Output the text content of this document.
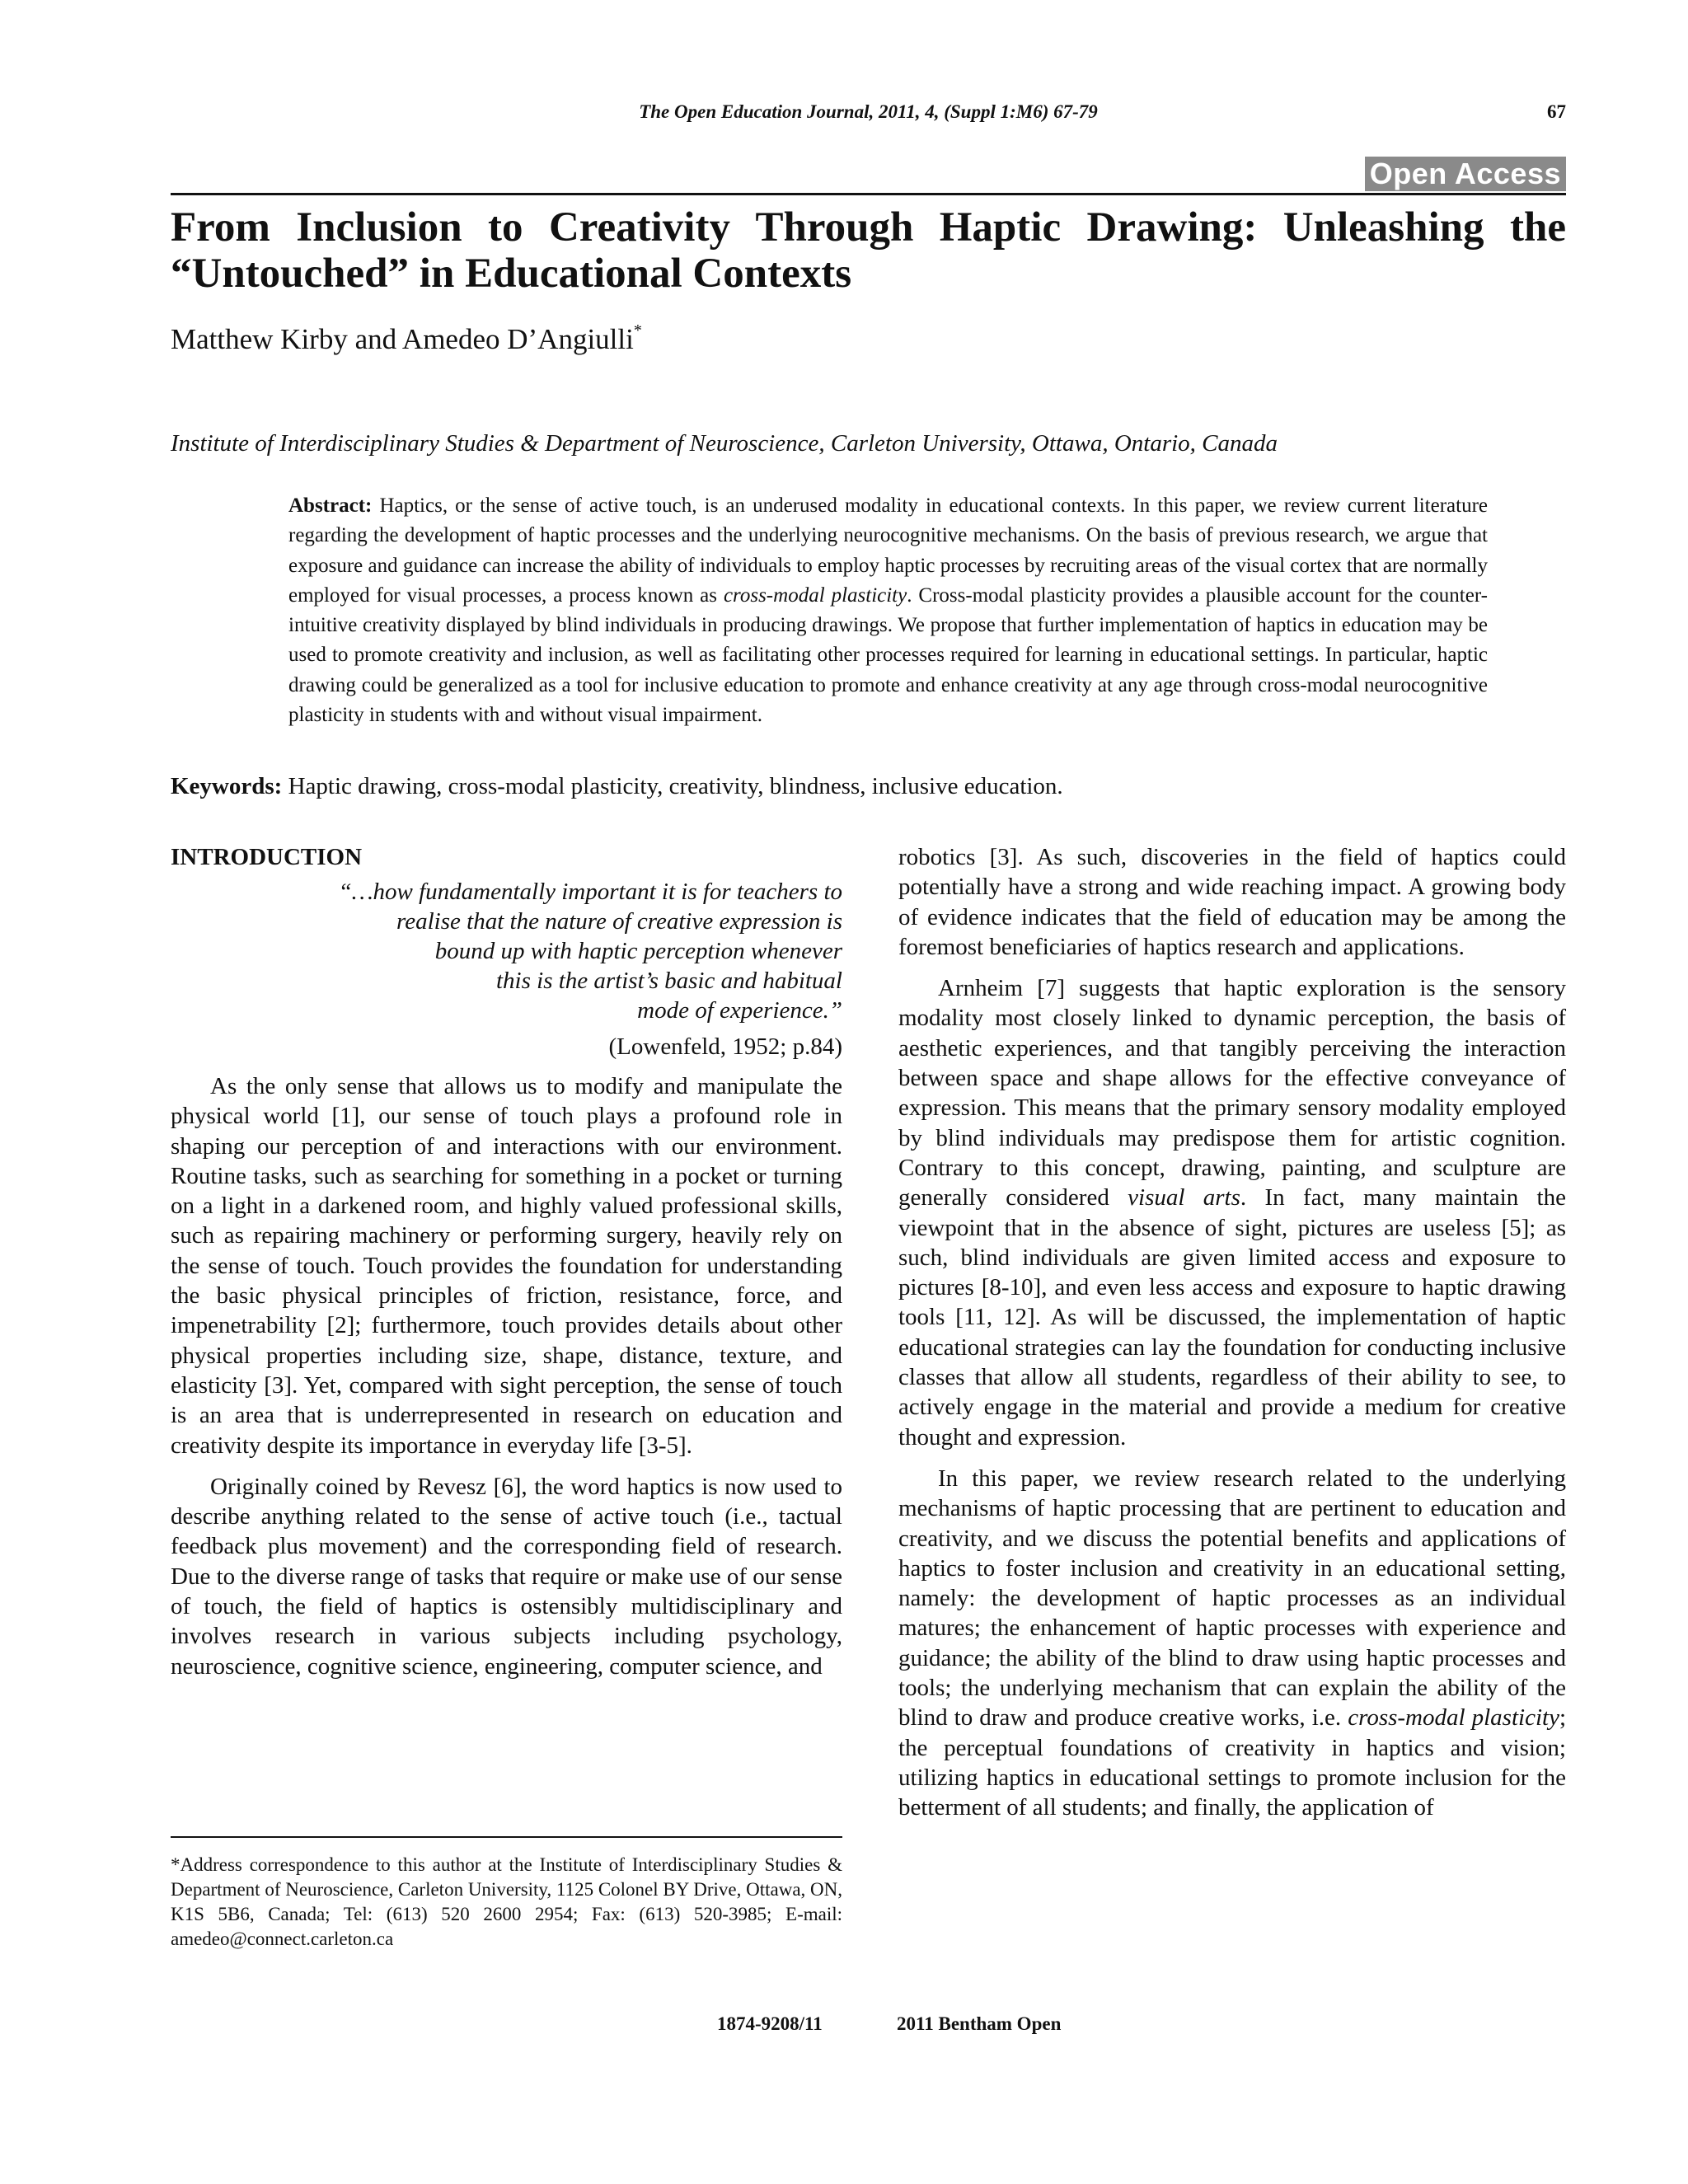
The Open Education Journal, 2011, 4, (Suppl 1:M6) 67-79	67
Open Access
From Inclusion to Creativity Through Haptic Drawing: Unleashing the “Untouched” in Educational Contexts
Matthew Kirby and Amedeo D’Angiulli*
Institute of Interdisciplinary Studies & Department of Neuroscience, Carleton University, Ottawa, Ontario, Canada
Abstract: Haptics, or the sense of active touch, is an underused modality in educational contexts. In this paper, we review current literature regarding the development of haptic processes and the underlying neurocognitive mechanisms. On the basis of previous research, we argue that exposure and guidance can increase the ability of individuals to employ haptic processes by recruiting areas of the visual cortex that are normally employed for visual processes, a process known as cross-modal plasticity. Cross-modal plasticity provides a plausible account for the counter-intuitive creativity displayed by blind individuals in producing drawings. We propose that further implementation of haptics in education may be used to promote creativity and inclusion, as well as facilitating other processes required for learning in educational settings. In particular, haptic drawing could be generalized as a tool for inclusive education to promote and enhance creativity at any age through cross-modal neurocognitive plasticity in students with and without visual impairment.
Keywords: Haptic drawing, cross-modal plasticity, creativity, blindness, inclusive education.
INTRODUCTION
“…how fundamentally important it is for teachers to
realise that the nature of creative expression is
bound up with haptic perception whenever
this is the artist’s basic and habitual
mode of experience.”
(Lowenfeld, 1952; p.84)

As the only sense that allows us to modify and manipulate the physical world [1], our sense of touch plays a profound role in shaping our perception of and interactions with our environment. Routine tasks, such as searching for something in a pocket or turning on a light in a darkened room, and highly valued professional skills, such as repairing machinery or performing surgery, heavily rely on the sense of touch. Touch provides the foundation for understanding the basic physical principles of friction, resistance, force, and impenetrability [2]; furthermore, touch provides details about other physical properties including size, shape, distance, texture, and elasticity [3]. Yet, compared with sight perception, the sense of touch is an area that is underrepresented in research on education and creativity despite its importance in everyday life [3-5].

Originally coined by Revesz [6], the word haptics is now used to describe anything related to the sense of active touch (i.e., tactual feedback plus movement) and the corresponding field of research. Due to the diverse range of tasks that require or make use of our sense of touch, the field of haptics is ostensibly multidisciplinary and involves research in various subjects including psychology, neuroscience, cognitive science, engineering, computer science, and

robotics [3]. As such, discoveries in the field of haptics could potentially have a strong and wide reaching impact. A growing body of evidence indicates that the field of education may be among the foremost beneficiaries of haptics research and applications.

Arnheim [7] suggests that haptic exploration is the sensory modality most closely linked to dynamic perception, the basis of aesthetic experiences, and that tangibly perceiving the interaction between space and shape allows for the effective conveyance of expression. This means that the primary sensory modality employed by blind individuals may predispose them for artistic cognition. Contrary to this concept, drawing, painting, and sculpture are generally considered visual arts. In fact, many maintain the viewpoint that in the absence of sight, pictures are useless [5]; as such, blind individuals are given limited access and exposure to pictures [8-10], and even less access and exposure to haptic drawing tools [11, 12]. As will be discussed, the implementation of haptic educational strategies can lay the foundation for conducting inclusive classes that allow all students, regardless of their ability to see, to actively engage in the material and provide a medium for creative thought and expression.

In this paper, we review research related to the underlying mechanisms of haptic processing that are pertinent to education and creativity, and we discuss the potential benefits and applications of haptics to foster inclusion and creativity in an educational setting, namely: the development of haptic processes as an individual matures; the enhancement of haptic processes with experience and guidance; the ability of the blind to draw using haptic processes and tools; the underlying mechanism that can explain the ability of the blind to draw and produce creative works, i.e. cross-modal plasticity; the perceptual foundations of creativity in haptics and vision; utilizing haptics in educational settings to promote inclusion for the betterment of all students; and finally, the application of

*Address correspondence to this author at the Institute of Interdisciplinary Studies & Department of Neuroscience, Carleton University, 1125 Colonel BY Drive, Ottawa, ON, K1S 5B6, Canada; Tel: (613) 520 2600 2954; Fax: (613) 520-3985; E-mail: amedeo@connect.carleton.ca
1874-9208/11	2011 Bentham Open
